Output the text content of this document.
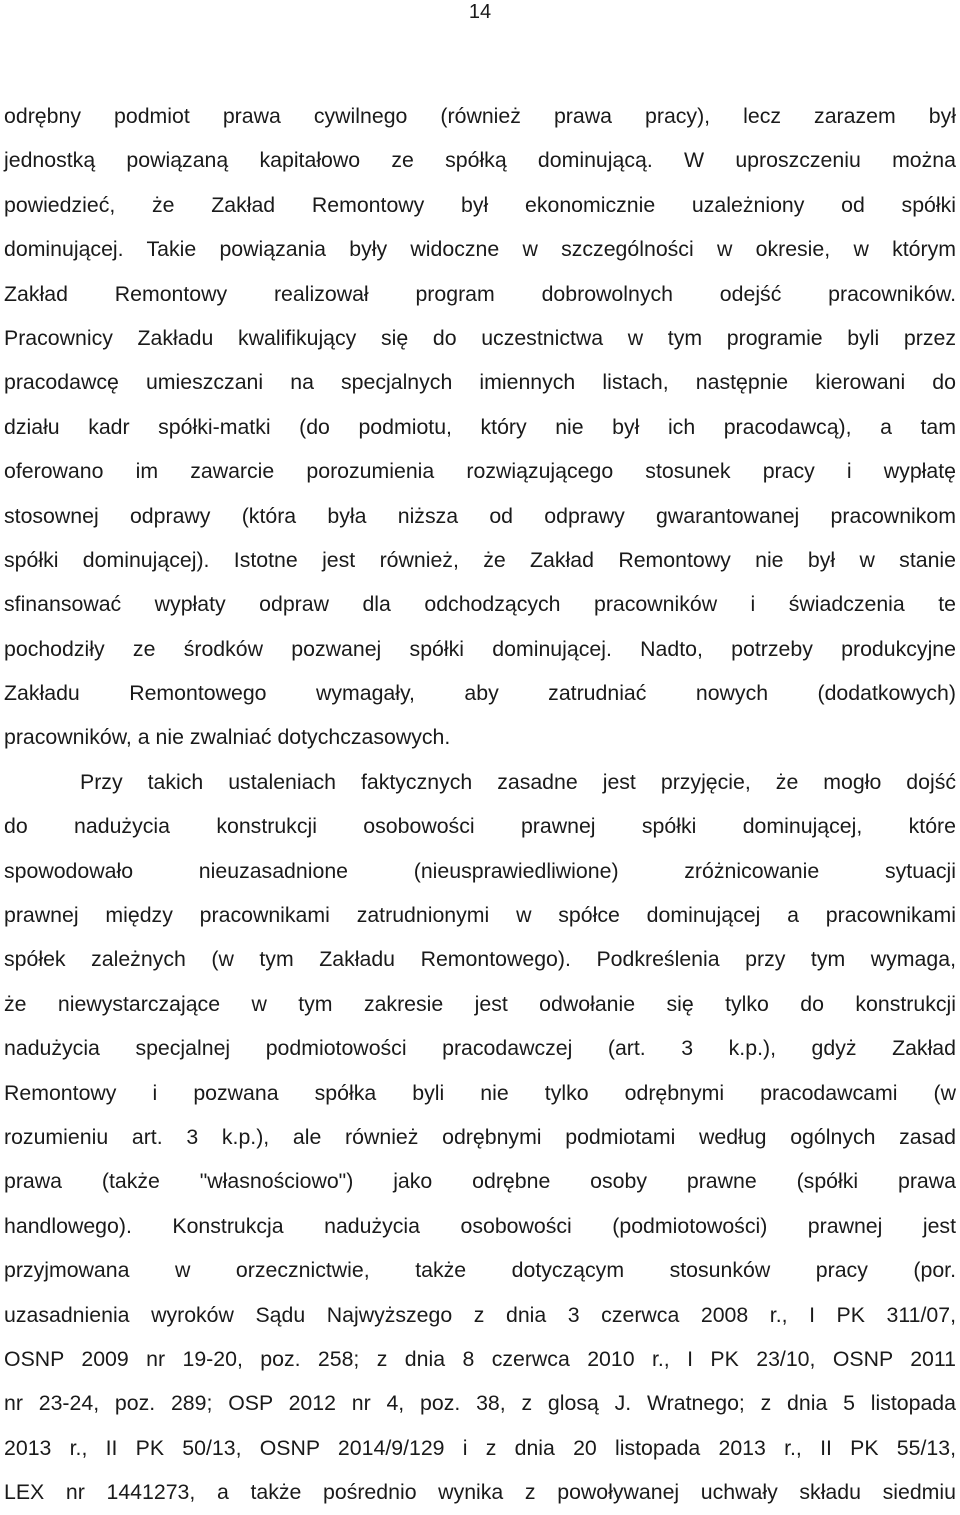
14
odrębny podmiot prawa cywilnego (również prawa pracy), lecz zarazem był
jednostką powiązaną kapitałowo ze spółką dominującą. W uproszczeniu można
powiedzieć, że Zakład Remontowy był ekonomicznie uzależniony od spółki
dominującej. Takie powiązania były widoczne w szczególności w okresie, w którym
Zakład Remontowy realizował program dobrowolnych odejść pracowników.
Pracownicy Zakładu kwalifikujący się do uczestnictwa w tym programie byli przez
pracodawcę umieszczani na specjalnych imiennych listach, następnie kierowani do
działu kadr spółki-matki (do podmiotu, który nie był ich pracodawcą), a tam
oferowano im zawarcie porozumienia rozwiązującego stosunek pracy i wypłatę
stosownej odprawy (która była niższa od odprawy gwarantowanej pracownikom
spółki dominującej). Istotne jest również, że Zakład Remontowy nie był w stanie
sfinansować wypłaty odpraw dla odchodzących pracowników i świadczenia te
pochodziły ze środków pozwanej spółki dominującej. Nadto, potrzeby produkcyjne
Zakładu Remontowego wymagały, aby zatrudniać nowych (dodatkowych)
pracowników, a nie zwalniać dotychczasowych.
Przy takich ustaleniach faktycznych zasadne jest przyjęcie, że mogło dojść
do nadużycia konstrukcji osobowości prawnej spółki dominującej, które
spowodowało nieuzasadnione (nieusprawiedliwione) zróżnicowanie sytuacji
prawnej między pracownikami zatrudnionymi w spółce dominującej a pracownikami
spółek zależnych (w tym Zakładu Remontowego). Podkreślenia przy tym wymaga,
że niewystarczające w tym zakresie jest odwołanie się tylko do konstrukcji
nadużycia specjalnej podmiotowości pracodawczej (art. 3 k.p.), gdyż Zakład
Remontowy i pozwana spółka byli nie tylko odrębnymi pracodawcami (w
rozumieniu art. 3 k.p.), ale również odrębnymi podmiotami według ogólnych zasad
prawa (także "własnościowo") jako odrębne osoby prawne (spółki prawa
handlowego). Konstrukcja nadużycia osobowości (podmiotowości) prawnej jest
przyjmowana w orzecznictwie, także dotyczącym stosunków pracy (por.
uzasadnienia wyroków Sądu Najwyższego z dnia 3 czerwca 2008 r., I PK 311/07,
OSNP 2009 nr 19-20, poz. 258; z dnia 8 czerwca 2010 r., I PK 23/10, OSNP 2011
nr 23-24, poz. 289; OSP 2012 nr 4, poz. 38, z glosą J. Wratnego; z dnia 5 listopada
2013 r., II PK 50/13, OSNP 2014/9/129 i z dnia 20 listopada 2013 r., II PK 55/13,
LEX nr 1441273, a także pośrednio wynika z powoływanej uchwały składu siedmiu
